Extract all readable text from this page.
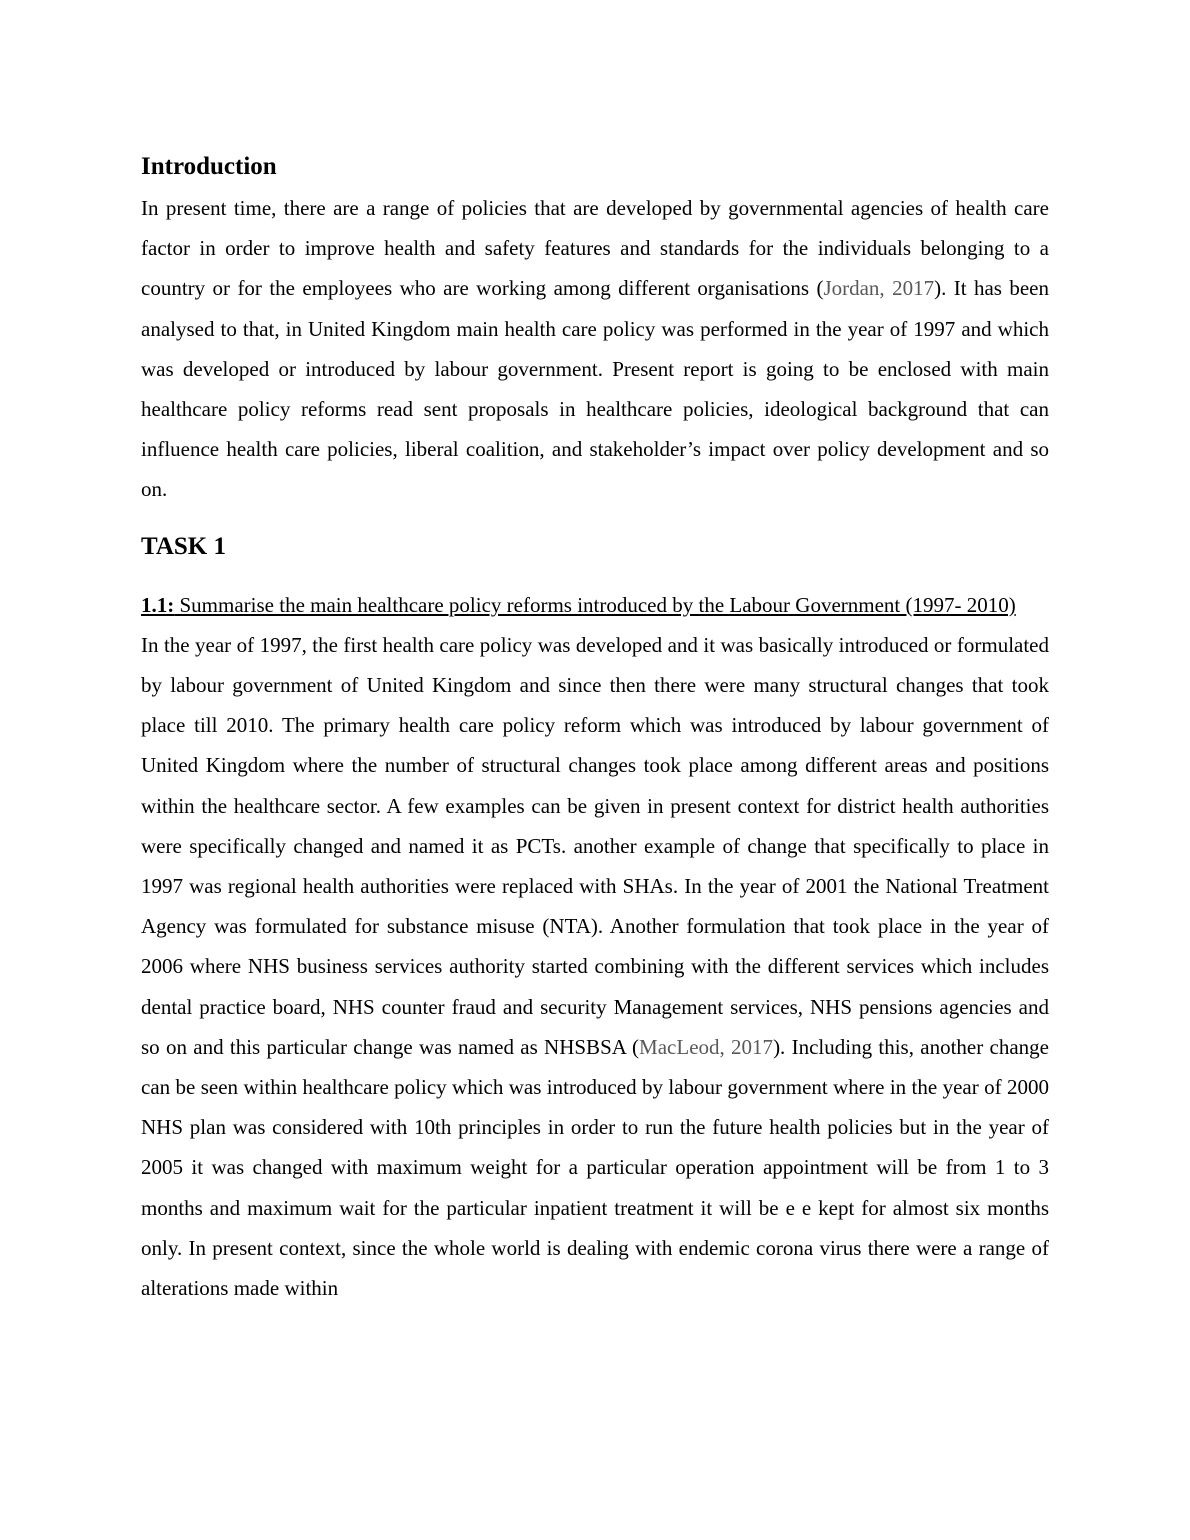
Introduction

In present time, there are a range of policies that are developed by governmental agencies of health care factor in order to improve health and safety features and standards for the individuals belonging to a country or for the employees who are working among different organisations (Jordan, 2017). It has been analysed to that, in United Kingdom main health care policy was performed in the year of 1997 and which was developed or introduced by labour government. Present report is going to be enclosed with main healthcare policy reforms read sent proposals in healthcare policies, ideological background that can influence health care policies, liberal coalition, and stakeholder’s impact over policy development and so on.

TASK 1

1.1: Summarise the main healthcare policy reforms introduced by the Labour Government (1997- 2010)

In the year of 1997, the first health care policy was developed and it was basically introduced or formulated by labour government of United Kingdom and since then there were many structural changes that took place till 2010. The primary health care policy reform which was introduced by labour government of United Kingdom where the number of structural changes took place among different areas and positions within the healthcare sector. A few examples can be given in present context for district health authorities were specifically changed and named it as PCTs. another example of change that specifically to place in 1997 was regional health authorities were replaced with SHAs. In the year of 2001 the National Treatment Agency was formulated for substance misuse (NTA). Another formulation that took place in the year of 2006 where NHS business services authority started combining with the different services which includes dental practice board, NHS counter fraud and security Management services, NHS pensions agencies and so on and this particular change was named as NHSBSA (MacLeod, 2017). Including this, another change can be seen within healthcare policy which was introduced by labour government where in the year of 2000 NHS plan was considered with 10th principles in order to run the future health policies but in the year of 2005 it was changed with maximum weight for a particular operation appointment will be from 1 to 3 months and maximum wait for the particular inpatient treatment it will be e e kept for almost six months only. In present context, since the whole world is dealing with endemic corona virus there were a range of alterations made within
